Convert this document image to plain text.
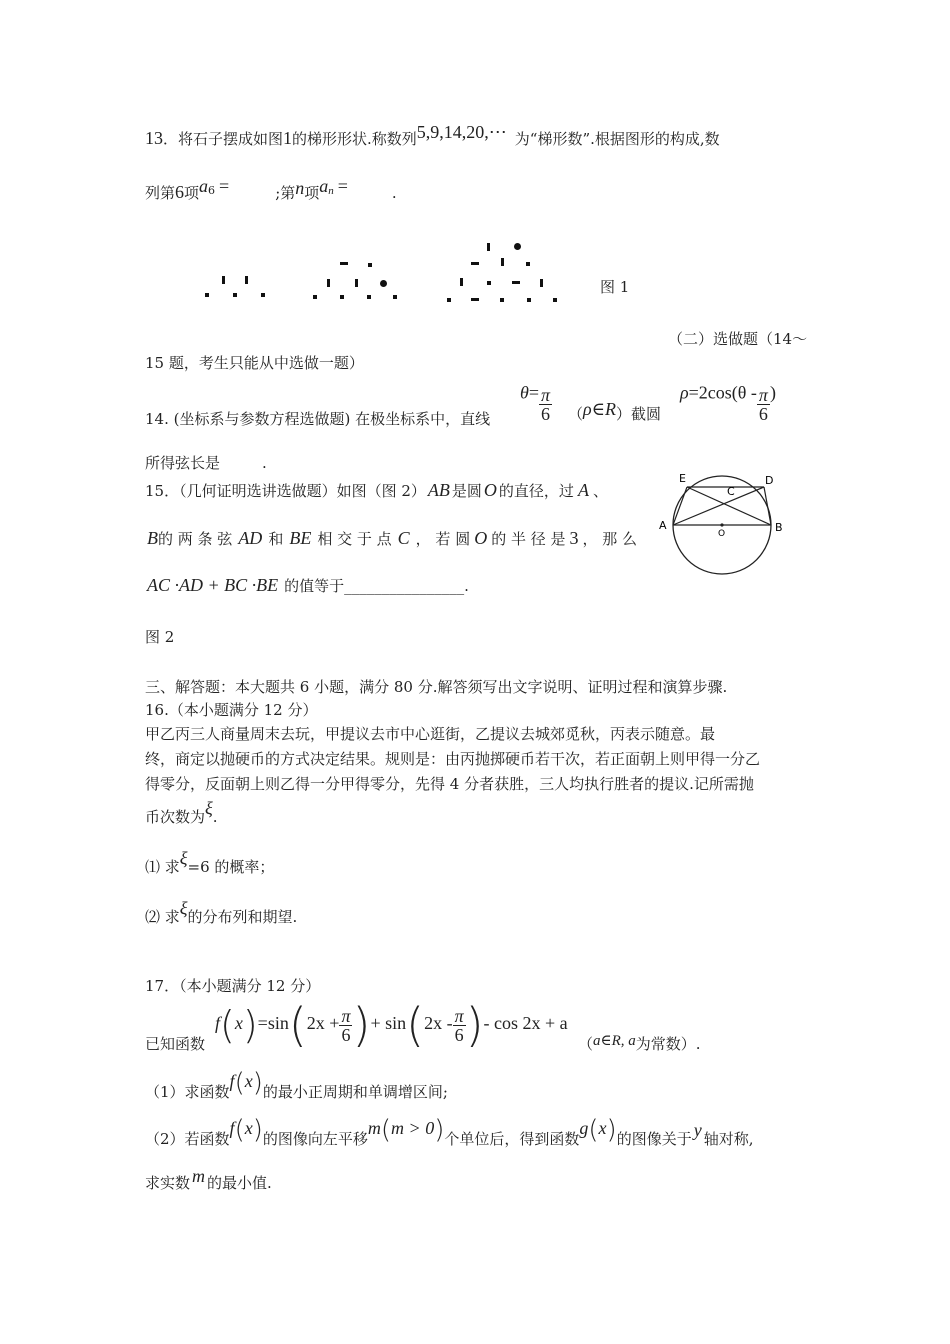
13．将石子摆成如图1的梯形形状.称数列5,9,14,20,⋯ 为“梯形数”.根据图形的构成,数
列第6项$a^6$ =	;第n项$a^n$ =	.
图 1
（二）选做题（14～
15 题，考生只能从中选做一题）
14. (坐标系与参数方程选做题) 在极坐标系中，直线
$\theta= \frac{\pi}{6}$ （ρ∈R）截圆
$\rho=2\cos(\theta - \frac{\pi}{6}$ )
所得弦长是	.
15．（几何证明选讲选做题）如图（图 2） AB 是圆 O 的直径，过 A 、
B的 两 条 弦 AD 和 BE 相 交 于 点 C ， 若 圆 O 的 半 径 是 3 ， 那 么
AC ·AD + BC ·BE 的值等于________________.
图 2
E	D
C
A	B
O
三、解答题：本大题共 6 小题，满分 80 分.解答须写出文字说明、证明过程和演算步骤.
16.（本小题满分 12 分）
甲乙丙三人商量周末去玩，甲提议去市中心逛街，乙提议去城郊觅秋，丙表示随意。最
终，商定以抛硬币的方式决定结果。规则是：由丙抛掷硬币若干次，若正面朝上则甲得一分乙
得零分，反面朝上则乙得一分甲得零分，先得 4 分者获胜，三人均执行胜者的提议.记所需抛
币次数为ξ.
⑴ 求ξ=6 的概率；
⑵ 求ξ的分布列和期望.
17．（本小题满分 12 分）
已知函数
$f(x)=\sin(2x + \frac{\pi}{6}$ )+ $\sin(2x - \frac{\pi}{6}$ )- cos 2x + a
（a∈R, a为常数）.
（1）求函数f(x)的最小正周期和单调增区间;
（2）若函数f(x)的图像向左平移m(m > 0)个单位后，得到函数g(x)的图像关于 y 轴对称,
求实数 m 的最小值.
